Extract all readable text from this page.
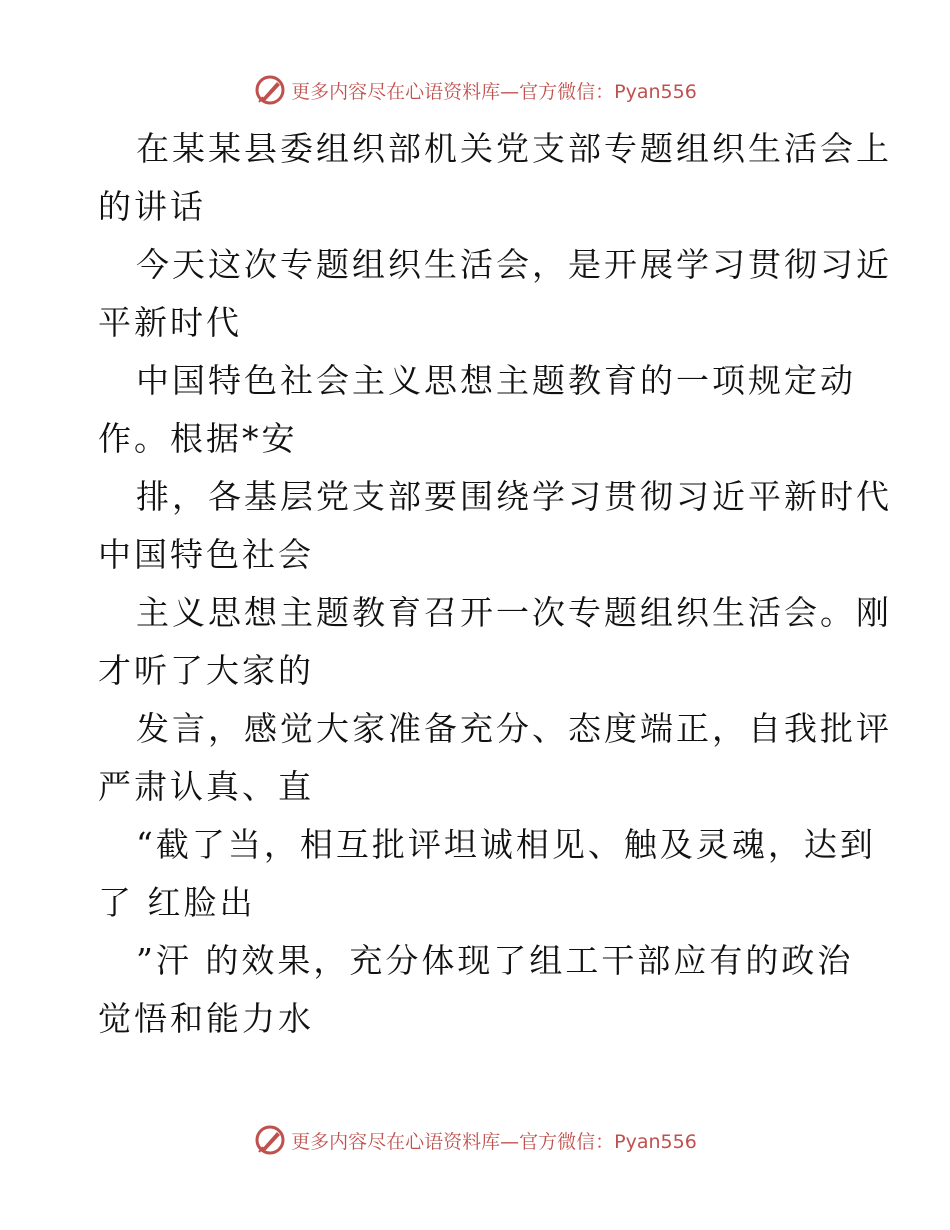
更多内容尽在心语资料库—官方微信：Pyan556
在某某县委组织部机关党支部专题组织生活会上
的讲话
今天这次专题组织生活会，是开展学习贯彻习近
平新时代
中国特色社会主义思想主题教育的一项规定动
作。根据*安
排，各基层党支部要围绕学习贯彻习近平新时代
中国特色社会
主义思想主题教育召开一次专题组织生活会。刚
才听了大家的
发言，感觉大家准备充分、态度端正，自我批评
严肃认真、直
“截了当，相互批评坦诚相见、触及灵魂，达到
了 红脸出
”汗 的效果，充分体现了组工干部应有的政治
觉悟和能力水
更多内容尽在心语资料库—官方微信：Pyan556
